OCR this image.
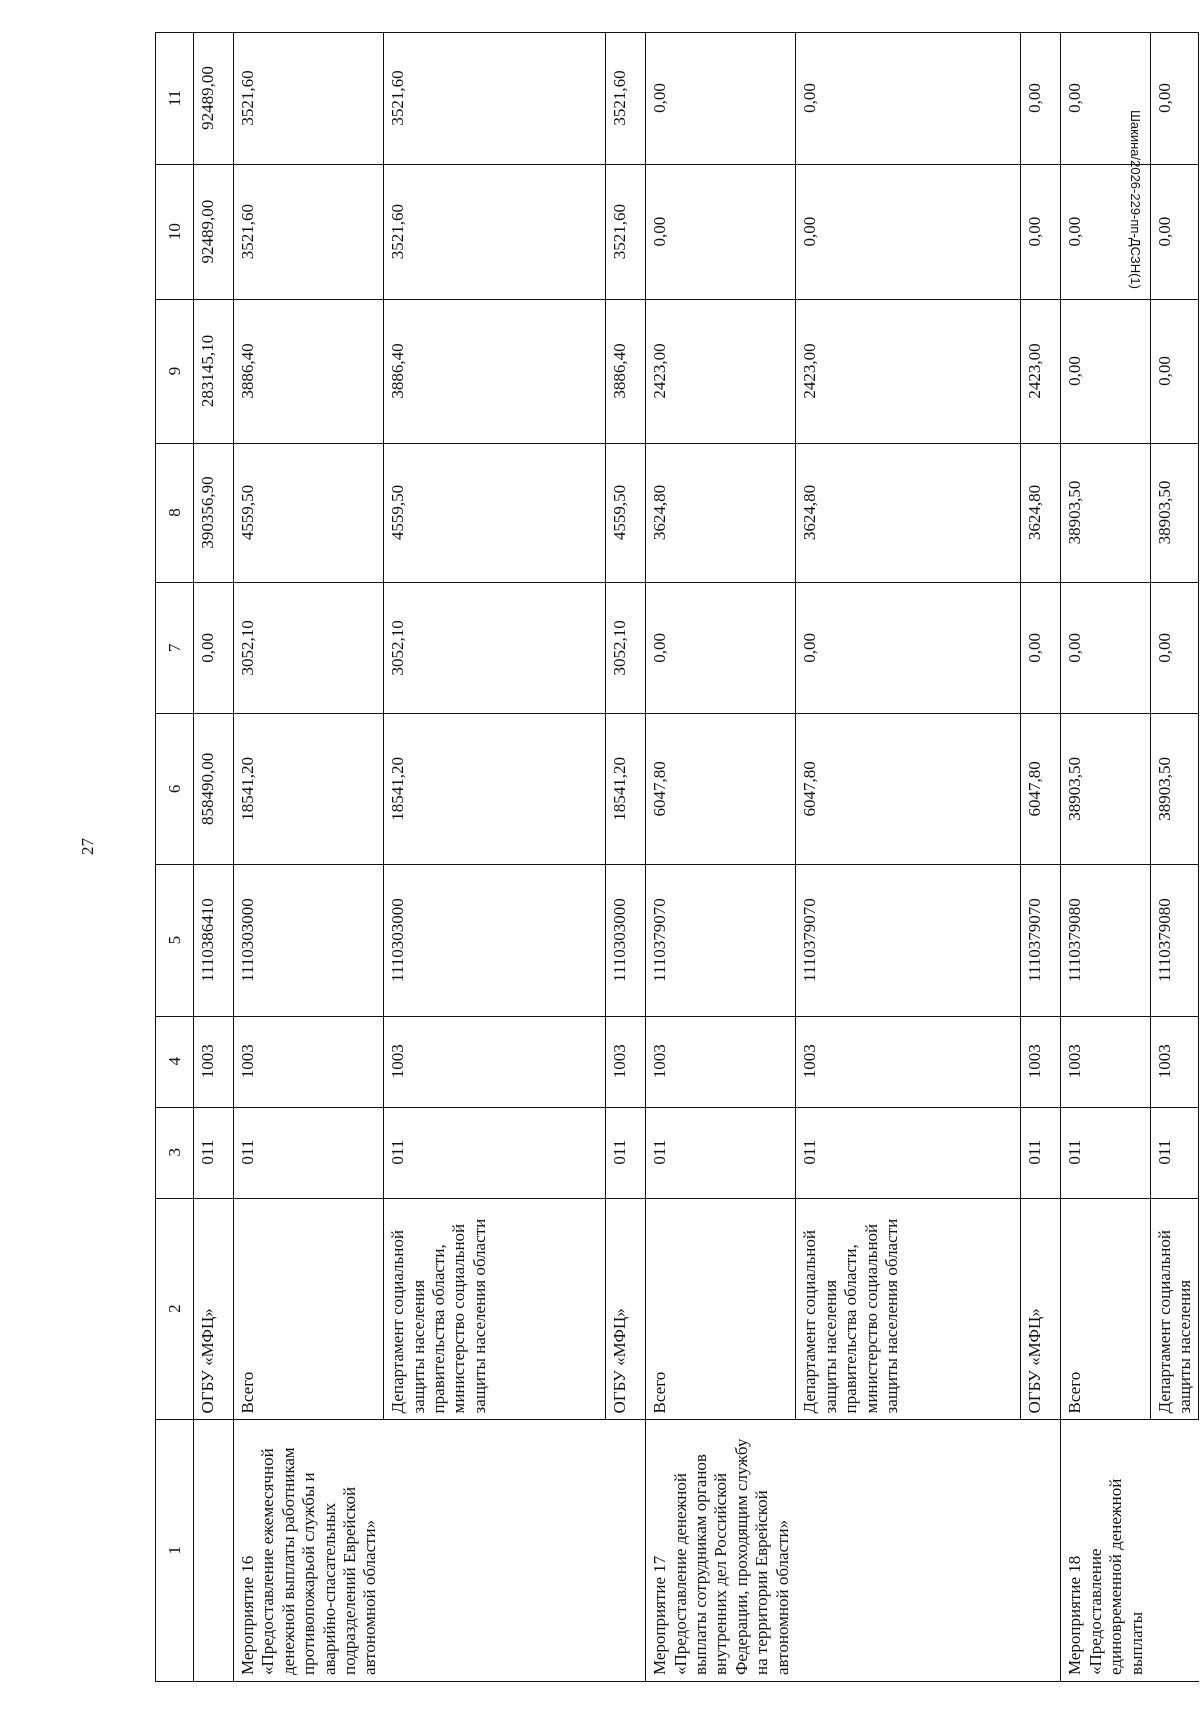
27
Шакина/2026-229-пп-ДСЗН(1)
1	2	3	4	5	6	7	8	9	10	11
	ОГБУ «МФЦ»	011	1003	1110386410	858490,00	0,00	390356,90	283145,10	92489,00	92489,00
Мероприятие 16 «Предоставление ежемесячной денежной выплаты работникам противопожарьой службы и аварийно-спасательных подразделений Еврейской автономной области»	Всего	011	1003	1110303000	18541,20	3052,10	4559,50	3886,40	3521,60	3521,60
	Департамент социальной защиты населения правительства области, министерство социальной защиты населения области	011	1003	1110303000	18541,20	3052,10	4559,50	3886,40	3521,60	3521,60
	ОГБУ «МФЦ»	011	1003	1110303000	18541,20	3052,10	4559,50	3886,40	3521,60	3521,60
Мероприятие 17 «Предоставление денежной выплаты сотрудникам органов внутренних дел Российской Федерации, проходящим службу на территории Еврейской автономной области»	Всего	011	1003	1110379070	6047,80	0,00	3624,80	2423,00	0,00	0,00
	Департамент социальной защиты населения правительства области, министерство социальной защиты населения области	011	1003	1110379070	6047,80	0,00	3624,80	2423,00	0,00	0,00
	ОГБУ «МФЦ»	011	1003	1110379070	6047,80	0,00	3624,80	2423,00	0,00	0,00
Мероприятие 18 «Предоставление единовременной денежной выплаты	Всего	011	1003	1110379080	38903,50	0,00	38903,50	0,00	0,00	0,00
	Департамент социальной защиты населения	011	1003	1110379080	38903,50	0,00	38903,50	0,00	0,00	0,00
